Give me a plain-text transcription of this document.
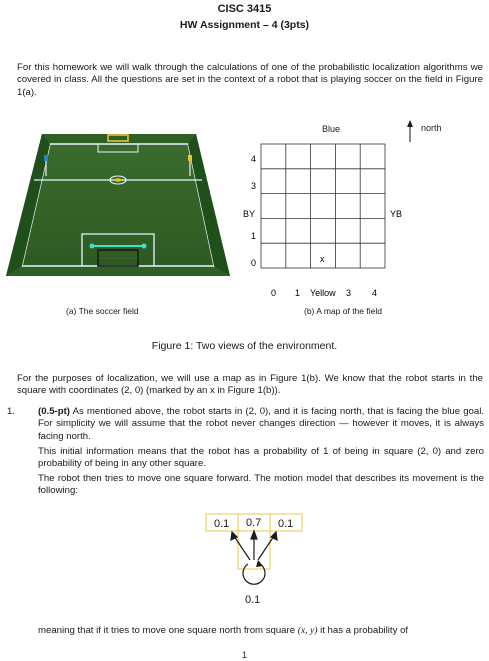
CISC 3415
HW Assignment – 4 (3pts)
For this homework we will walk through the calculations of one of the probabilistic localization algorithms we covered in class. All the questions are set in the context of a robot that is playing soccer on the field in Figure 1(a).
Blue	north
4
3
1
0
BY	YB
x
0 1 Yellow 3 4
(a) The soccer field	(b) A map of the field
Figure 1: Two views of the environment.
For the purposes of localization, we will use a map as in Figure 1(b). We know that the robot starts in the square with coordinates (2, 0) (marked by an x in Figure 1(b)).
1. (0.5-pt) As mentioned above, the robot starts in (2, 0), and it is facing north, that is facing the blue goal. For simplicity we will assume that the robot never changes direction — however it moves, it is always facing north.
This initial information means that the robot has a probability of 1 of being in square (2, 0) and zero probability of being in any other square.
The robot then tries to move one square forward. The motion model that describes its movement is the following:
0.1 0.7 0.1
0.1
meaning that if it tries to move one square north from square (x, y) it has a probability of
1
